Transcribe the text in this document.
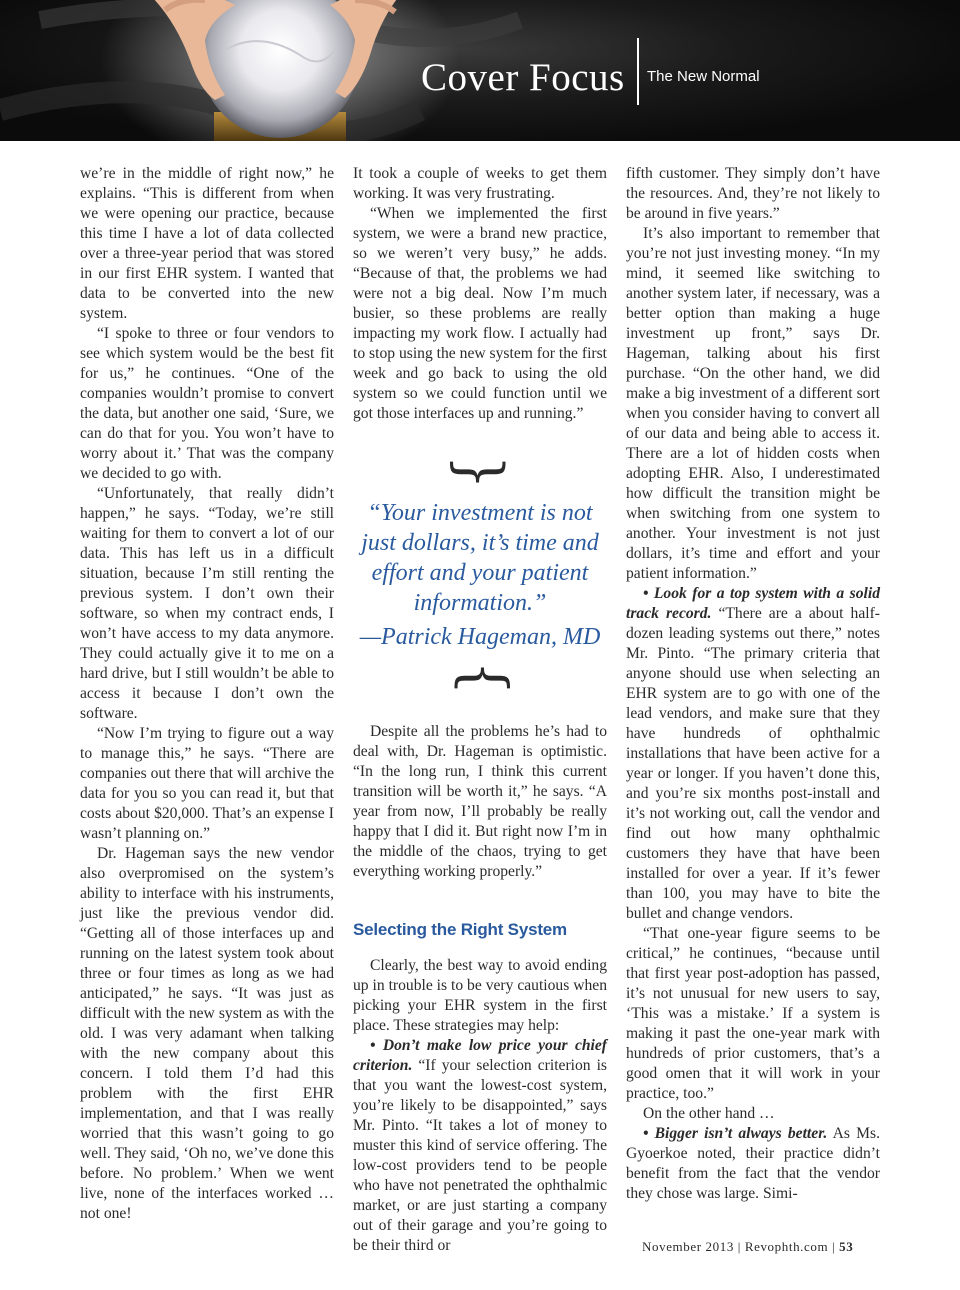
Cover Focus The New Normal

we’re in the middle of right now,” he explains. “This is different from when we were opening our practice, because this time I have a lot of data collected over a three-year period that was stored in our first EHR system. I wanted that data to be converted into the new system.

“I spoke to three or four vendors to see which system would be the best fit for us,” he continues. “One of the companies wouldn’t promise to convert the data, but another one said, ‘Sure, we can do that for you. You won’t have to worry about it.’ That was the company we decided to go with.

“Unfortunately, that really didn’t happen,” he says. “Today, we’re still waiting for them to convert a lot of our data. This has left us in a difficult situation, because I’m still renting the previous system. I don’t own their software, so when my contract ends, I won’t have access to my data anymore. They could actually give it to me on a hard drive, but I still wouldn’t be able to access it because I don’t own the software.

“Now I’m trying to figure out a way to manage this,” he says. “There are companies out there that will archive the data for you so you can read it, but that costs about $20,000. That’s an expense I wasn’t planning on.”

Dr. Hageman says the new vendor also overpromised on the system’s ability to interface with his instruments, just like the previous vendor did. “Getting all of those interfaces up and running on the latest system took about three or four times as long as we had anticipated,” he says. “It was just as difficult with the new system as with the old. I was very adamant when talking with the new company about this concern. I told them I’d had this problem with the first EHR implementation, and that I was really worried that this wasn’t going to go well. They said, ‘Oh no, we’ve done this before. No problem.’ When we went live, none of the interfaces worked … not one!

It took a couple of weeks to get them working. It was very frustrating.

“When we implemented the first system, we were a brand new practice, so we weren’t very busy,” he adds. “Because of that, the problems we had were not a big deal. Now I’m much busier, so these problems are really impacting my work flow. I actually had to stop using the new system for the first week and go back to using the old system so we could function until we got those interfaces up and running.”

}
“Your investment is not just dollars, it’s time and effort and your patient information.”
—Patrick Hageman, MD
}

Despite all the problems he’s had to deal with, Dr. Hageman is optimistic. “In the long run, I think this current transition will be worth it,” he says. “A year from now, I’ll probably be really happy that I did it. But right now I’m in the middle of the chaos, trying to get everything working properly.”

Selecting the Right System

Clearly, the best way to avoid ending up in trouble is to be very cautious when picking your EHR system in the first place. These strategies may help:

• Don’t make low price your chief criterion. “If your selection criterion is that you want the lowest-cost system, you’re likely to be disappointed,” says Mr. Pinto. “It takes a lot of money to muster this kind of service offering. The low-cost providers tend to be people who have not penetrated the ophthalmic market, or are just starting a company out of their garage and you’re going to be their third or

fifth customer. They simply don’t have the resources. And, they’re not likely to be around in five years.”

It’s also important to remember that you’re not just investing money. “In my mind, it seemed like switching to another system later, if necessary, was a better option than making a huge investment up front,” says Dr. Hageman, talking about his first purchase. “On the other hand, we did make a big investment of a different sort when you consider having to convert all of our data and being able to access it. There are a lot of hidden costs when adopting EHR. Also, I underestimated how difficult the transition might be when switching from one system to another. Your investment is not just dollars, it’s time and effort and your patient information.”

• Look for a top system with a solid track record. “There are a about half-dozen leading systems out there,” notes Mr. Pinto. “The primary criteria that anyone should use when selecting an EHR system are to go with one of the lead vendors, and make sure that they have hundreds of ophthalmic installations that have been active for a year or longer. If you haven’t done this, and you’re six months post-install and it’s not working out, call the vendor and find out how many ophthalmic customers they have that have been installed for over a year. If it’s fewer than 100, you may have to bite the bullet and change vendors.

“That one-year figure seems to be critical,” he continues, “because until that first year post-adoption has passed, it’s not unusual for new users to say, ‘This was a mistake.’ If a system is making it past the one-year mark with hundreds of prior customers, that’s a good omen that it will work in your practice, too.”

On the other hand …

• Bigger isn’t always better. As Ms. Gyoerkoe noted, their practice didn’t benefit from the fact that the vendor they chose was large. Simi-

November 2013 | Revophth.com | 53
